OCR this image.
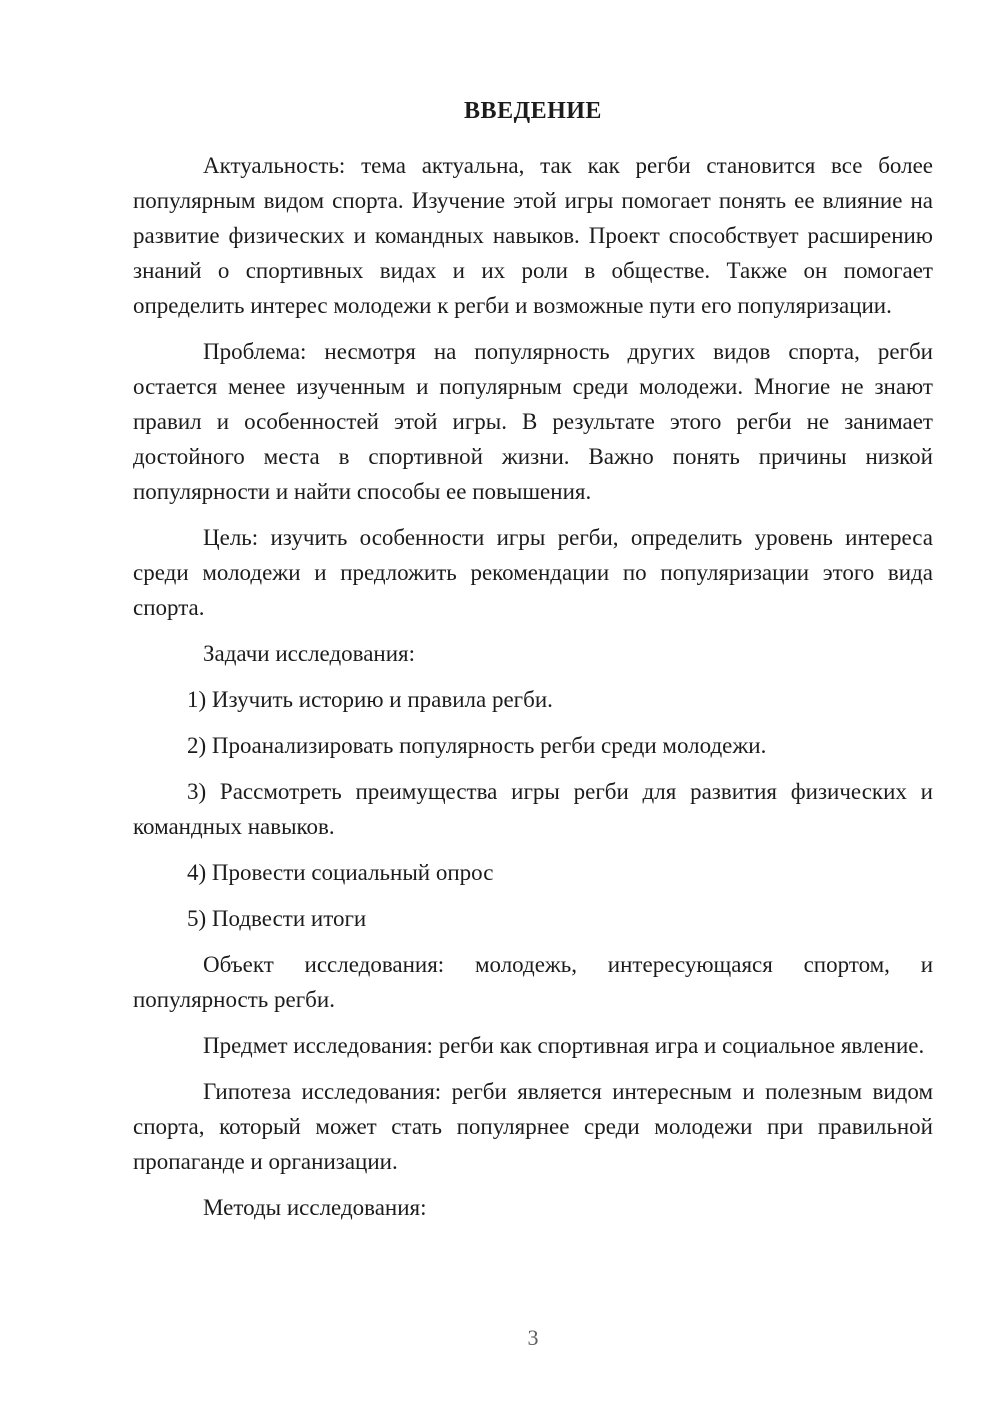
ВВЕДЕНИЕ

Актуальность: тема актуальна, так как регби становится все более популярным видом спорта. Изучение этой игры помогает понять ее влияние на развитие физических и командных навыков. Проект способствует расширению знаний о спортивных видах и их роли в обществе. Также он помогает определить интерес молодежи к регби и возможные пути его популяризации.

Проблема: несмотря на популярность других видов спорта, регби остается менее изученным и популярным среди молодежи. Многие не знают правил и особенностей этой игры. В результате этого регби не занимает достойного места в спортивной жизни. Важно понять причины низкой популярности и найти способы ее повышения.

Цель: изучить особенности игры регби, определить уровень интереса среди молодежи и предложить рекомендации по популяризации этого вида спорта.

Задачи исследования:

1) Изучить историю и правила регби.

2) Проанализировать популярность регби среди молодежи.

3) Рассмотреть преимущества игры регби для развития физических и командных навыков.

4) Провести социальный опрос

5) Подвести итоги

Объект исследования: молодежь, интересующаяся спортом, и популярность регби.

Предмет исследования: регби как спортивная игра и социальное явление.

Гипотеза исследования: регби является интересным и полезным видом спорта, который может стать популярнее среди молодежи при правильной пропаганде и организации.

Методы исследования:

3
